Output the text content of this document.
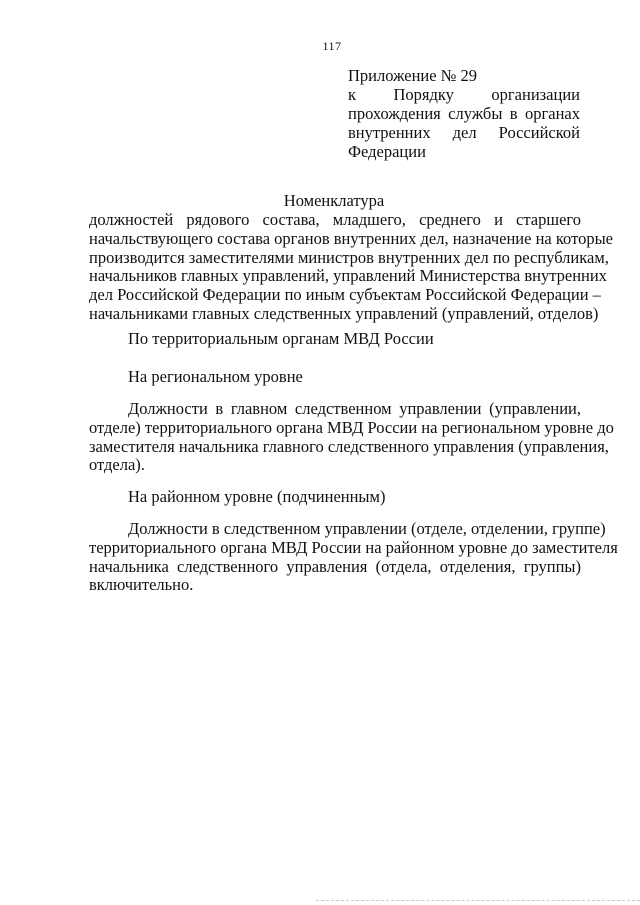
117
Приложение № 29
к Порядку организации
прохождения службы в органах
внутренних дел Российской
Федерации
Номенклатура
должностей рядового состава, младшего, среднего и старшего
начальствующего состава органов внутренних дел, назначение на которые
производится заместителями министров внутренних дел по республикам,
начальников главных управлений, управлений Министерства внутренних
дел Российской Федерации по иным субъектам Российской Федерации –
начальниками главных следственных управлений (управлений, отделов)
По территориальным органам МВД России
На региональном уровне
Должности в главном следственном управлении (управлении,
отделе) территориального органа МВД России на региональном уровне до
заместителя начальника главного следственного управления (управления,
отдела).
На районном уровне (подчиненным)
Должности в следственном управлении (отделе, отделении, группе)
территориального органа МВД России на районном уровне до заместителя
начальника следственного управления (отдела, отделения, группы)
включительно.
